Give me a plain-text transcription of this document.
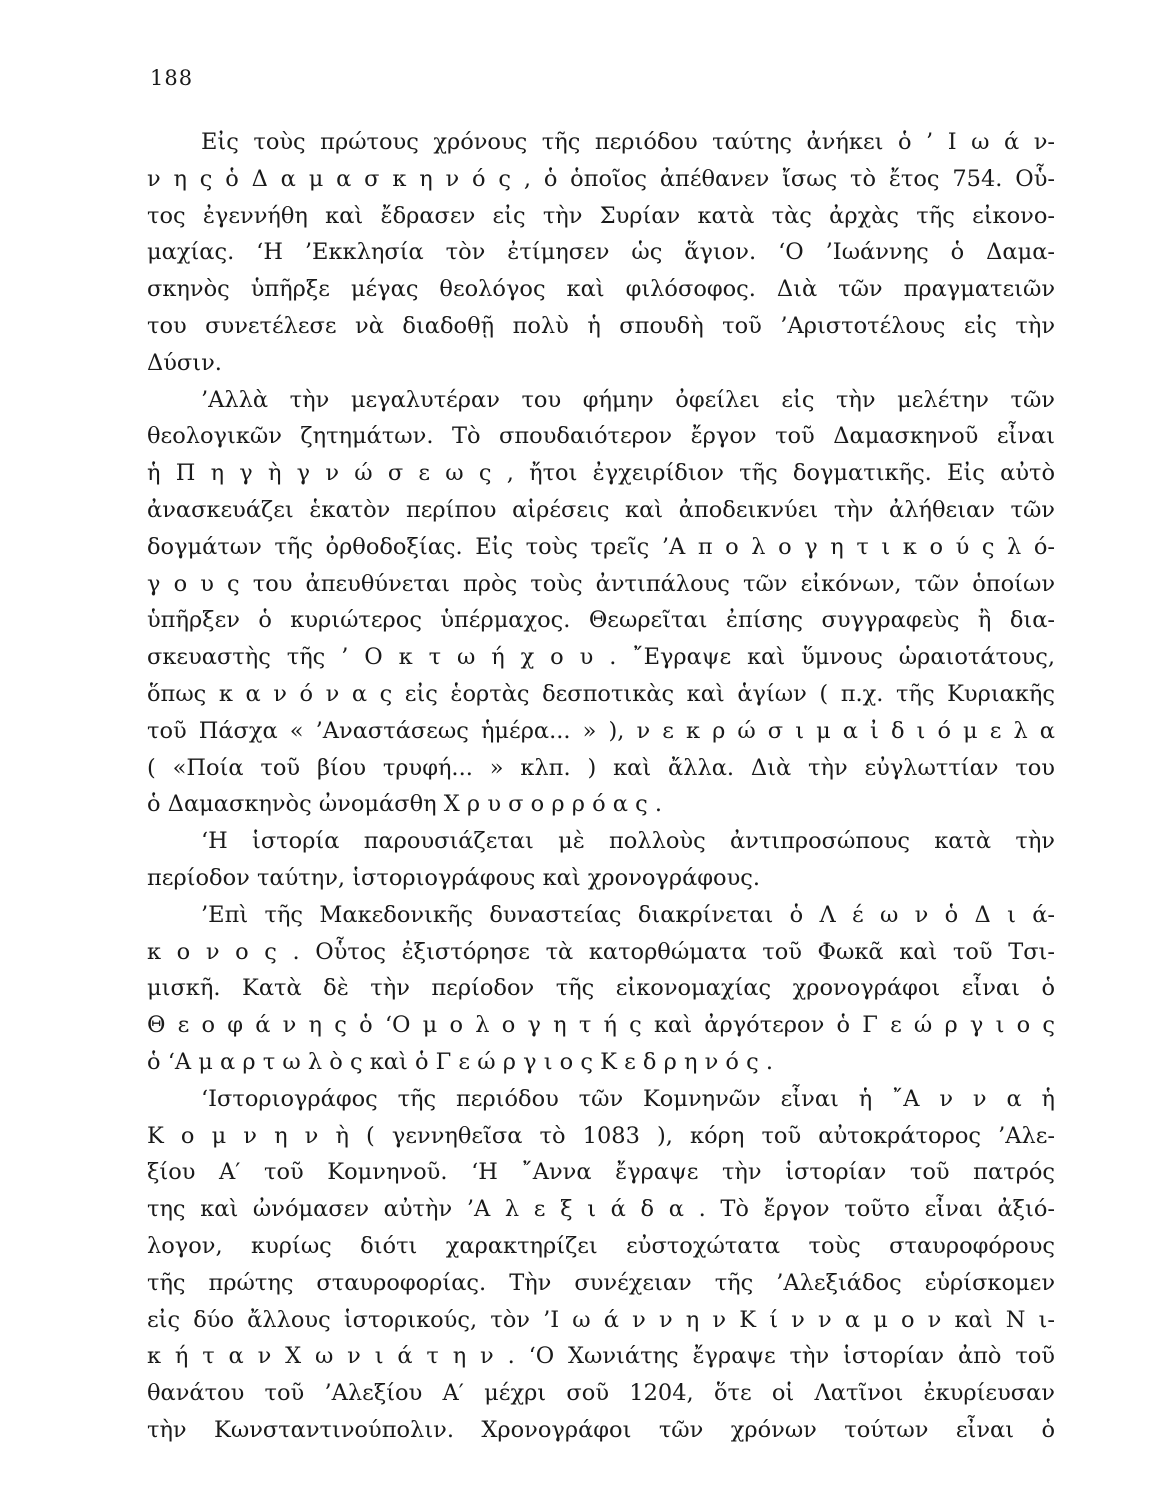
188
Εἰς τοὺς πρώτους χρόνους τῆς περιόδου ταύτης ἀνήκει ὁ ’ Ι ω ά ν-
ν η ς ὁ Δ α μ α σ κ η ν ό ς , ὁ ὁποῖος ἀπέθανεν ἴσως τὸ ἔτος 754. Οὗ-
τος ἐγεννήθη καὶ ἔδρασεν εἰς τὴν Συρίαν κατὰ τὰς ἀρχὰς τῆς εἰκονο-
μαχίας. ‘Η ’Εκκλησία τὸν ἐτίμησεν ὡς ἅγιον. ‘Ο ’Ιωάννης ὁ Δαμα-
σκηνὸς ὑπῆρξε μέγας θεολόγος καὶ φιλόσοφος. Διὰ τῶν πραγματειῶν
του συνετέλεσε νὰ διαδοθῇ πολὺ ἡ σπουδὴ τοῦ ’Αριστοτέλους εἰς τὴν
Δύσιν.
’Αλλὰ τὴν μεγαλυτέραν του φήμην ὀφείλει εἰς τὴν μελέτην τῶν
θεολογικῶν ζητημάτων. Τὸ σπουδαιότερον ἔργον τοῦ Δαμασκηνοῦ εἶναι
ἡ Π η γ ὴ γ ν ώ σ ε ω ς , ἤτοι ἐγχειρίδιον τῆς δογματικῆς. Εἰς αὐτὸ
ἀνασκευάζει ἑκατὸν περίπου αἱρέσεις καὶ ἀποδεικνύει τὴν ἀλήθειαν τῶν
δογμάτων τῆς ὀρθοδοξίας. Εἰς τοὺς τρεῖς ’Α π ο λ ο γ η τ ι κ ο ύ ς λ ό-
γ ο υ ς του ἀπευθύνεται πρὸς τοὺς ἀντιπάλους τῶν εἰκόνων, τῶν ὁποίων
ὑπῆρξεν ὁ κυριώτερος ὑπέρμαχος. Θεωρεῖται ἐπίσης συγγραφεὺς ἢ δια-
σκευαστὴς τῆς ’ Ο κ τ ω ή χ ο υ . ῎Εγραψε καὶ ὕμνους ὡραιοτάτους,
ὅπως κ α ν ό ν α ς εἰς ἑορτὰς δεσποτικὰς καὶ ἁγίων ( π.χ. τῆς Κυριακῆς
τοῦ Πάσχα « ’Αναστάσεως ἡμέρα... » ), ν ε κ ρ ώ σ ι μ α ἰ δ ι ό μ ε λ α
( «Ποία τοῦ βίου τρυφή... » κλπ. ) καὶ ἄλλα. Διὰ τὴν εὐγλωττίαν του
ὁ Δαμασκηνὸς ὠνομάσθη Χ ρ υ σ ο ρ ρ ό α ς .
‘Η ἱστορία παρουσιάζεται μὲ πολλοὺς ἀντιπροσώπους κατὰ τὴν
περίοδον ταύτην, ἱστοριογράφους καὶ χρονογράφους.
’Επὶ τῆς Μακεδονικῆς δυναστείας διακρίνεται ὁ Λ έ ω ν ὁ Δ ι ά-
κ ο ν ο ς . Οὗτος ἐξιστόρησε τὰ κατορθώματα τοῦ Φωκᾶ καὶ τοῦ Τσι-
μισκῆ. Κατὰ δὲ τὴν περίοδον τῆς εἰκονομαχίας χρονογράφοι εἶναι ὁ
Θ ε ο φ ά ν η ς ὁ ‘Ο μ ο λ ο γ η τ ή ς καὶ ἀργότερον ὁ Γ ε ώ ρ γ ι ο ς
ὁ ‘Α μ α ρ τ ω λ ὸ ς καὶ ὁ Γ ε ώ ρ γ ι ο ς Κ ε δ ρ η ν ό ς .
‘Ιστοριογράφος τῆς περιόδου τῶν Κομνηνῶν εἶναι ἡ ῎Α ν ν α ἡ
Κ ο μ ν η ν ὴ ( γεννηθεῖσα τὸ 1083 ), κόρη τοῦ αὐτοκράτορος ’Αλε-
ξίου Α′ τοῦ Κομνηνοῦ. ‘Η ῎Αννα ἔγραψε τὴν ἱστορίαν τοῦ πατρός
της καὶ ὠνόμασεν αὐτὴν ’Α λ ε ξ ι ά δ α . Τὸ ἔργον τοῦτο εἶναι ἀξιό-
λογον, κυρίως διότι χαρακτηρίζει εὐστοχώτατα τοὺς σταυροφόρους
τῆς πρώτης σταυροφορίας. Τὴν συνέχειαν τῆς ’Αλεξιάδος εὑρίσκομεν
εἰς δύο ἄλλους ἱστορικούς, τὸν ’Ι ω ά ν ν η ν Κ ί ν ν α μ ο ν καὶ Ν ι-
κ ή τ α ν Χ ω ν ι ά τ η ν . ‘Ο Χωνιάτης ἔγραψε τὴν ἱστορίαν ἀπὸ τοῦ
θανάτου τοῦ ’Αλεξίου Α′ μέχρι σοῦ 1204, ὅτε οἱ Λατῖνοι ἐκυρίευσαν
τὴν Κωνσταντινούπολιν. Χρονογράφοι τῶν χρόνων τούτων εἶναι ὁ
